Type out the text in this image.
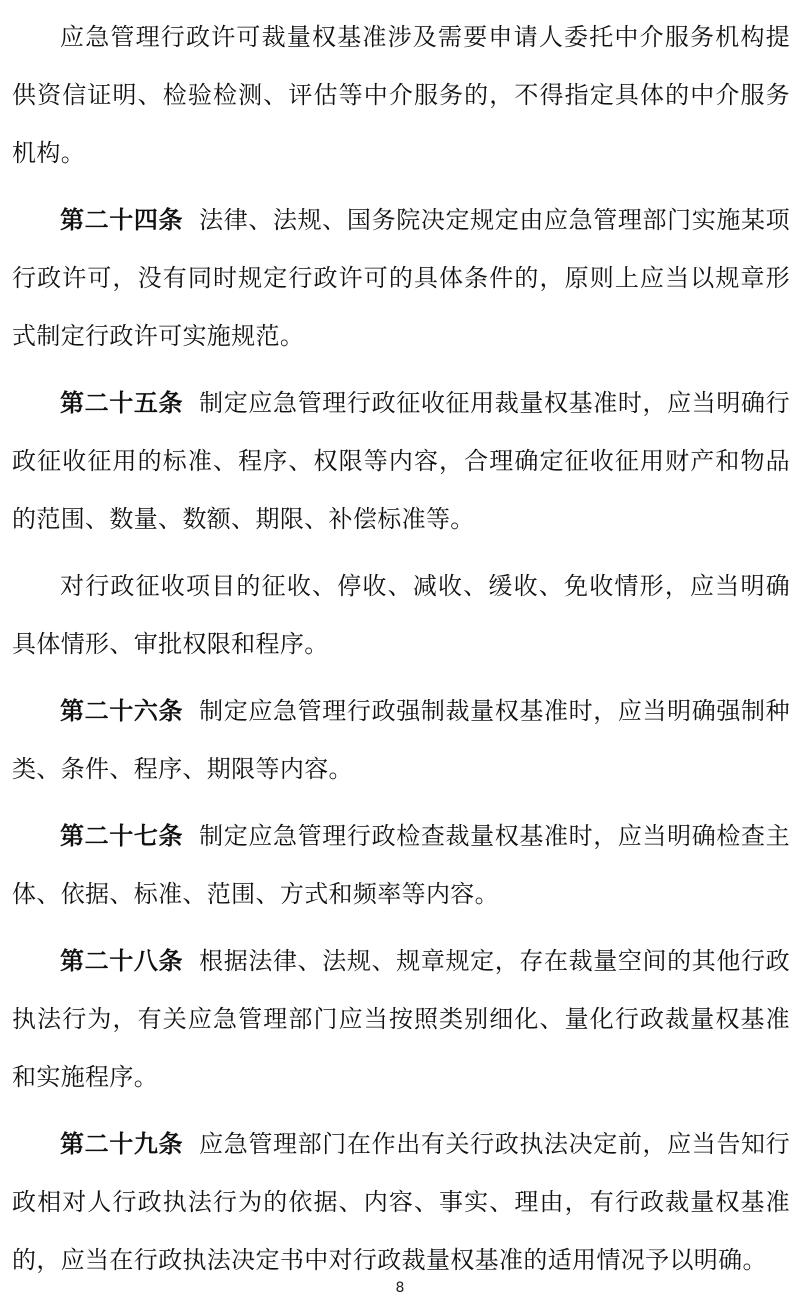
应急管理行政许可裁量权基准涉及需要申请人委托中介服务机构提供资信证明、检验检测、评估等中介服务的，不得指定具体的中介服务机构。

第二十四条 法律、法规、国务院决定规定由应急管理部门实施某项行政许可，没有同时规定行政许可的具体条件的，原则上应当以规章形式制定行政许可实施规范。

第二十五条 制定应急管理行政征收征用裁量权基准时，应当明确行政征收征用的标准、程序、权限等内容，合理确定征收征用财产和物品的范围、数量、数额、期限、补偿标准等。

对行政征收项目的征收、停收、减收、缓收、免收情形，应当明确具体情形、审批权限和程序。

第二十六条 制定应急管理行政强制裁量权基准时，应当明确强制种类、条件、程序、期限等内容。

第二十七条 制定应急管理行政检查裁量权基准时，应当明确检查主体、依据、标准、范围、方式和频率等内容。

第二十八条 根据法律、法规、规章规定，存在裁量空间的其他行政执法行为，有关应急管理部门应当按照类别细化、量化行政裁量权基准和实施程序。

第二十九条 应急管理部门在作出有关行政执法决定前，应当告知行政相对人行政执法行为的依据、内容、事实、理由，有行政裁量权基准的，应当在行政执法决定书中对行政裁量权基准的适用情况予以明确。

8
